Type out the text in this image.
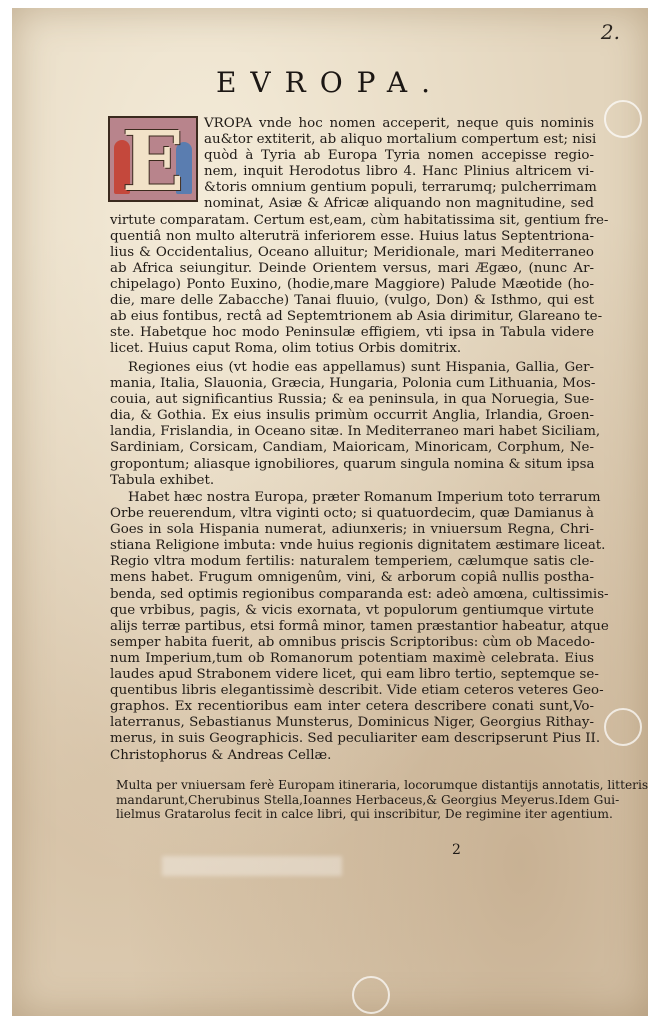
2.
EVROPA.
E	VROPA vnde hoc nomen acceperit, neque quis nominis
au&tor extiterit, ab aliquo mortalium compertum est; nisi
quòd à Tyria ab Europa Tyria nomen accepisse regio-
nem, inquit Herodotus libro 4. Hanc Plinius altricem vi-
&toris omnium gentium populi, terrarumq; pulcherrimam
nominat, Asiæ & Africæ aliquando non magnitudine, sed
virtute comparatam. Certum est,eam, cùm habitatissima sit, gentium fre-
quentiâ non multo alteruträ inferiorem esse. Huius latus Septentriona-
lius & Occidentalius, Oceano alluitur; Meridionale, mari Mediterraneo
ab Africa seiungitur. Deinde Orientem versus, mari Ægæo, (nunc Ar-
chipelago) Ponto Euxino, (hodie,mare Maggiore) Palude Mæotide (ho-
die, mare delle Zabacche) Tanai fluuio, (vulgo, Don) & Isthmo, qui est
ab eius fontibus, rectâ ad Septemtrionem ab Asia dirimitur, Glareano te-
ste. Habetque hoc modo Peninsulæ effigiem, vti ipsa in Tabula videre
licet. Huius caput Roma, olim totius Orbis domitrix.
Regiones eius (vt hodie eas appellamus) sunt Hispania, Gallia, Ger-
mania, Italia, Slauonia, Græcia, Hungaria, Polonia cum Lithuania, Mos-
couia, aut significantius Russia; & ea peninsula, in qua Noruegia, Sue-
dia, & Gothia. Ex eius insulis primùm occurrit Anglia, Irlandia, Groen-
landia, Frislandia, in Oceano sitæ. In Mediterraneo mari habet Siciliam,
Sardiniam, Corsicam, Candiam, Maioricam, Minoricam, Corphum, Ne-
gropontum; aliasque ignobiliores, quarum singula nomina & situm ipsa
Tabula exhibet.
Habet hæc nostra Europa, præter Romanum Imperium toto terrarum
Orbe reuerendum, vltra viginti octo; si quatuordecim, quæ Damianus à
Goes in sola Hispania numerat, adiunxeris; in vniuersum Regna, Chri-
stiana Religione imbuta: vnde huius regionis dignitatem æstimare liceat.
Regio vltra modum fertilis: naturalem temperiem, cælumque satis cle-
mens habet. Frugum omnigenûm, vini, & arborum copiâ nullis postha-
benda, sed optimis regionibus comparanda est: adeò amœna, cultissimis-
que vrbibus, pagis, & vicis exornata, vt populorum gentiumque virtute
alijs terræ partibus, etsi formâ minor, tamen præstantior habeatur, atque
semper habita fuerit, ab omnibus priscis Scriptoribus: cùm ob Macedo-
num Imperium,tum ob Romanorum potentiam maximè celebrata. Eius
laudes apud Strabonem videre licet, qui eam libro tertio, septemque se-
quentibus libris elegantissimè describit. Vide etiam ceteros veteres Geo-
graphos. Ex recentioribus eam inter cetera describere conati sunt,Vo-
laterranus, Sebastianus Munsterus, Dominicus Niger, Georgius Rithay-
merus, in suis Geographicis. Sed peculiariter eam descripserunt Pius II.
Christophorus & Andreas Cellæ.
Multa per vniuersam ferè Europam itineraria, locorumque distantijs annotatis, litteris
mandarunt,Cherubinus Stella,Ioannes Herbaceus,& Georgius Meyerus.Idem Gui-
lielmus Gratarolus fecit in calce libri, qui inscribitur, De regimine iter agentium.
2
